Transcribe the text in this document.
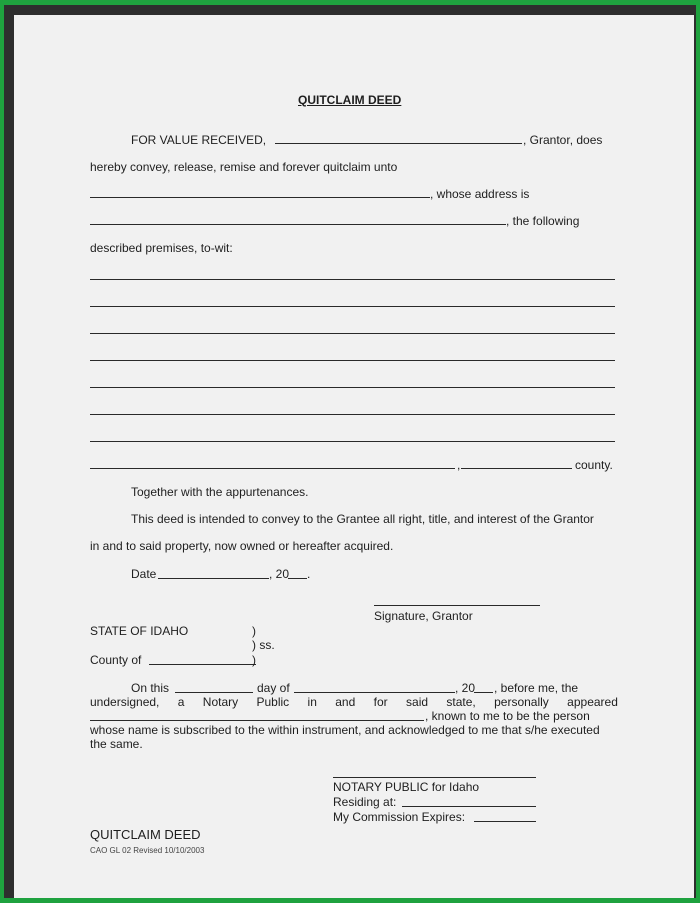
QUITCLAIM DEED
FOR VALUE RECEIVED,	, Grantor, does
hereby convey, release, remise and forever quitclaim unto
, whose address is
, the following
described premises, to-wit:
,	county.
Together with the appurtenances.
This deed is intended to convey to the Grantee all right, title, and interest of the Grantor
in and to said property, now owned or hereafter acquired.
Date	, 20 .
Signature, Grantor
STATE OF IDAHO	)
) ss.
County of	)
On this	day of	, 20 , before me, the
undersigned, a Notary Public in and for said state, personally appeared
, known to me to be the person
whose name is subscribed to the within instrument, and acknowledged to me that s/he executed
the same.
NOTARY PUBLIC for Idaho
Residing at:
My Commission Expires:
QUITCLAIM DEED
CAO GL 02 Revised 10/10/2003
